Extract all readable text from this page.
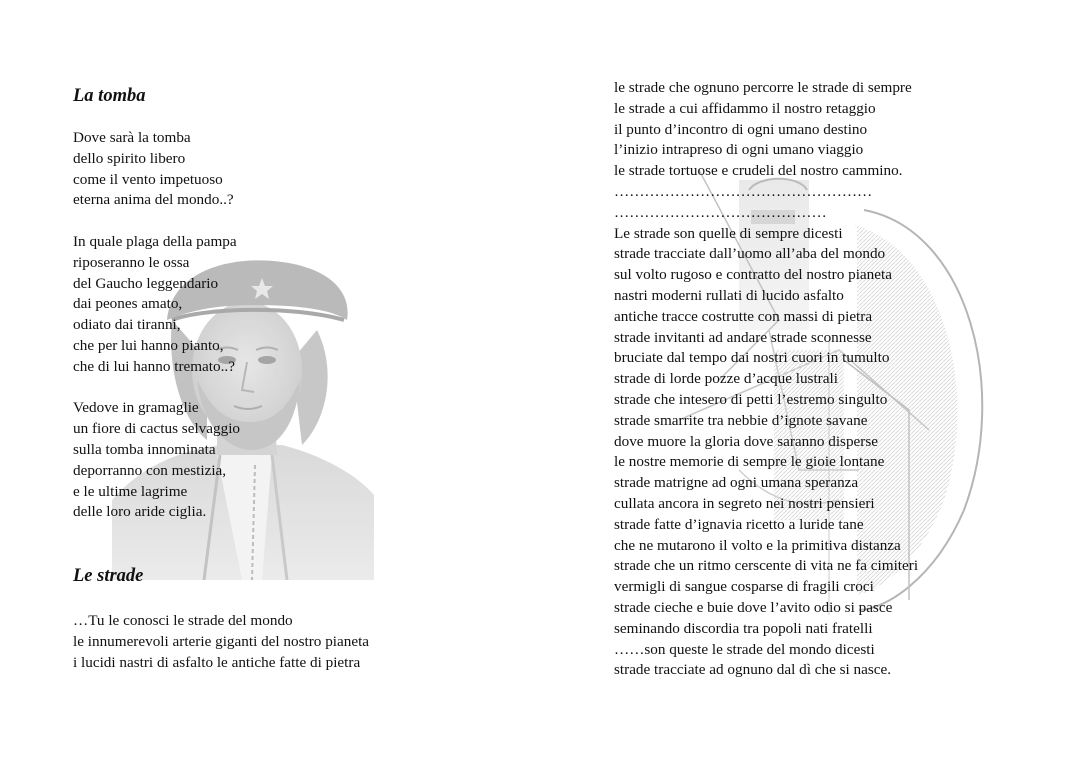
La tomba
Dove sarà la tomba
dello spirito libero
come il vento impetuoso
eterna anima del mondo..?
In quale plaga della pampa
riposeranno le ossa
del Gaucho leggendario
dai peones amato,
odiato dai tiranni,
che per lui hanno pianto,
che di lui hanno tremato..?
Vedove in gramaglie
un fiore di cactus selvaggio
sulla tomba innominata
deporranno con mestizia,
e le ultime lagrime
delle loro aride ciglia.
Le strade
…Tu le conosci le strade del mondo
le innumerevoli arterie giganti del nostro pianeta
i lucidi nastri di asfalto le antiche fatte di pietra
le strade che ognuno percorre le strade di sempre
le strade a cui affidammo il nostro retaggio
il punto d’incontro di ogni umano destino
l’inizio intrapreso di ogni umano viaggio
le strade tortuose e crudeli del nostro cammino.
……………………………………………
……………………………………
Le strade son quelle di sempre dicesti
strade tracciate dall’uomo all’aba del mondo
sul volto rugoso e contratto del nostro pianeta
nastri moderni rullati di lucido asfalto
antiche tracce costrutte con massi di pietra
strade invitanti ad andare strade sconnesse
bruciate dal tempo dai nostri cuori in tumulto
strade di lorde pozze d’acque lustrali
strade che intesero di petti l’estremo singulto
strade smarrite tra nebbie d’ignote savane
dove muore la gloria dove saranno disperse
le nostre memorie di sempre le gioie lontane
strade matrigne ad ogni umana speranza
cullata ancora in segreto nei nostri pensieri
strade fatte d’ignavia ricetto a luride tane
che ne mutarono il volto e la primitiva distanza
strade che un ritmo cerscente di vita ne fa cimiteri
vermigli di sangue cosparse di fragili croci
strade cieche e buie dove l’avito odio si pasce
seminando discordia tra popoli nati fratelli
……son queste le strade del mondo dicesti
strade tracciate ad ognuno dal dì che si nasce.
